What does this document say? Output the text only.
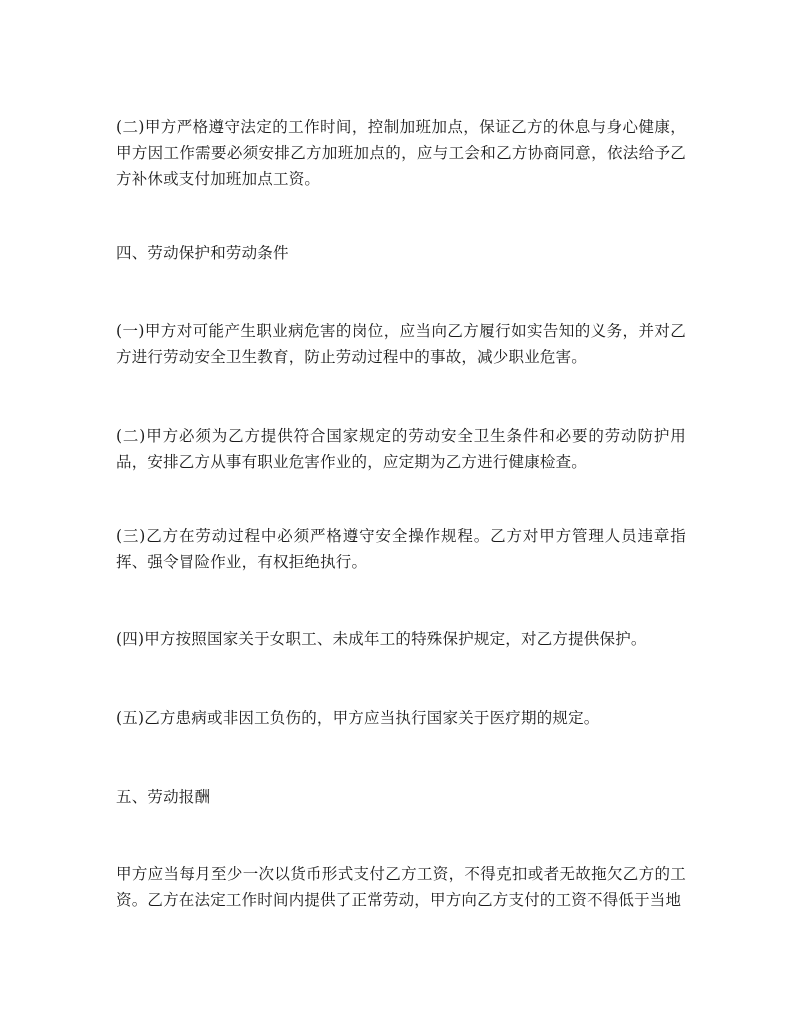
(二)甲方严格遵守法定的工作时间，控制加班加点，保证乙方的休息与身心健康，甲方因工作需要必须安排乙方加班加点的，应与工会和乙方协商同意，依法给予乙方补休或支付加班加点工资。

四、劳动保护和劳动条件

(一)甲方对可能产生职业病危害的岗位，应当向乙方履行如实告知的义务，并对乙方进行劳动安全卫生教育，防止劳动过程中的事故，减少职业危害。

(二)甲方必须为乙方提供符合国家规定的劳动安全卫生条件和必要的劳动防护用品，安排乙方从事有职业危害作业的，应定期为乙方进行健康检查。

(三)乙方在劳动过程中必须严格遵守安全操作规程。乙方对甲方管理人员违章指挥、强令冒险作业，有权拒绝执行。

(四)甲方按照国家关于女职工、未成年工的特殊保护规定，对乙方提供保护。

(五)乙方患病或非因工负伤的，甲方应当执行国家关于医疗期的规定。

五、劳动报酬

甲方应当每月至少一次以货币形式支付乙方工资，不得克扣或者无故拖欠乙方的工资。乙方在法定工作时间内提供了正常劳动，甲方向乙方支付的工资不得低于当地
